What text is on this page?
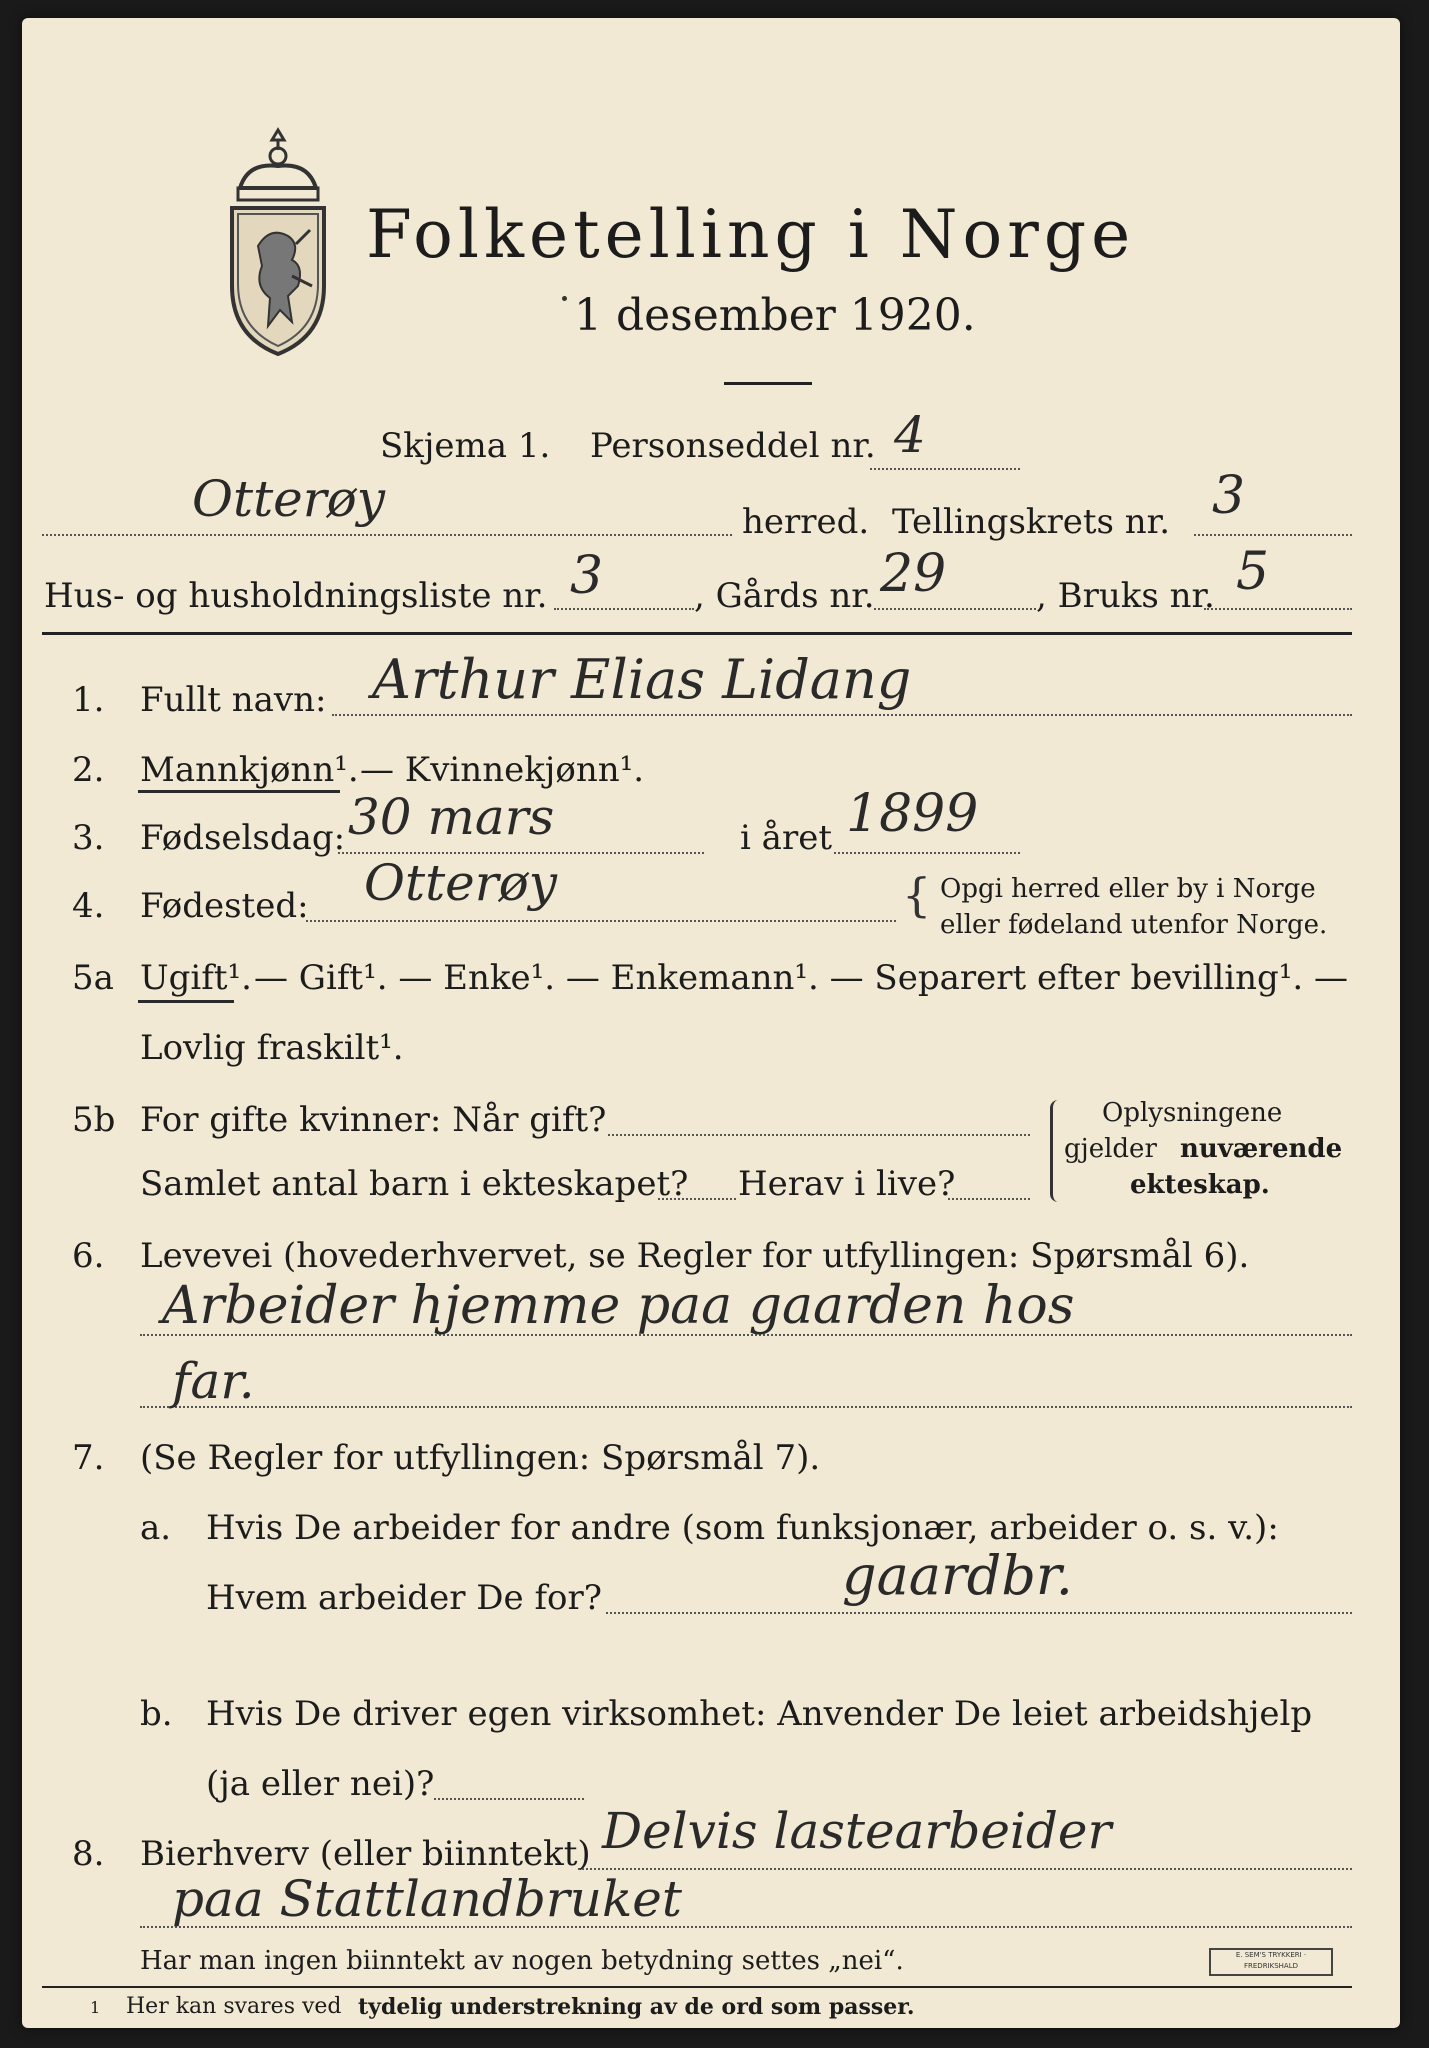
Folketelling i Norge
1 desember 1920.
Skjema 1. Personseddel nr. 4
Otterøy	herred. Tellingskrets nr. 3
Hus- og husholdningsliste nr. 3	, Gårds nr. 29	, Bruks nr. 5
1. Fullt navn: Arthur Elias Lidang
2. Mannkjønn¹. — Kvinnekjønn¹.
3. Fødselsdag: 30 mars	i året 1899
4. Fødested: Otterøy	{ Opgi herred eller by i Norge
eller fødeland utenfor Norge.
5a Ugift¹. — Gift¹. — Enke¹. — Enkemann¹. — Separert efter bevilling¹. —
Lovlig fraskilt¹.
5b For gifte kvinner: Når gift?
Samlet antal barn i ekteskapet? Herav i live?
Oplysningene
gjelder nuværende
ekteskap.
6. Levevei (hovederhvervet, se Regler for utfyllingen: Spørsmål 6).
Arbeider hjemme paa gaarden hos
far.
7. (Se Regler for utfyllingen: Spørsmål 7).
a. Hvis De arbeider for andre (som funksjonær, arbeider o. s. v.):
Hvem arbeider De for?	gaardbr.
b. Hvis De driver egen virksomhet: Anvender De leiet arbeidshjelp
(ja eller nei)?
8. Bierhverv (eller biinntekt) Delvis lastearbeider
paa Stattlandbruket
Har man ingen biinntekt av nogen betydning settes „nei“.
1 Her kan svares ved tydelig understrekning av de ord som passer.
E. SEM'S TRYKKERI · FREDRIKSHALD
